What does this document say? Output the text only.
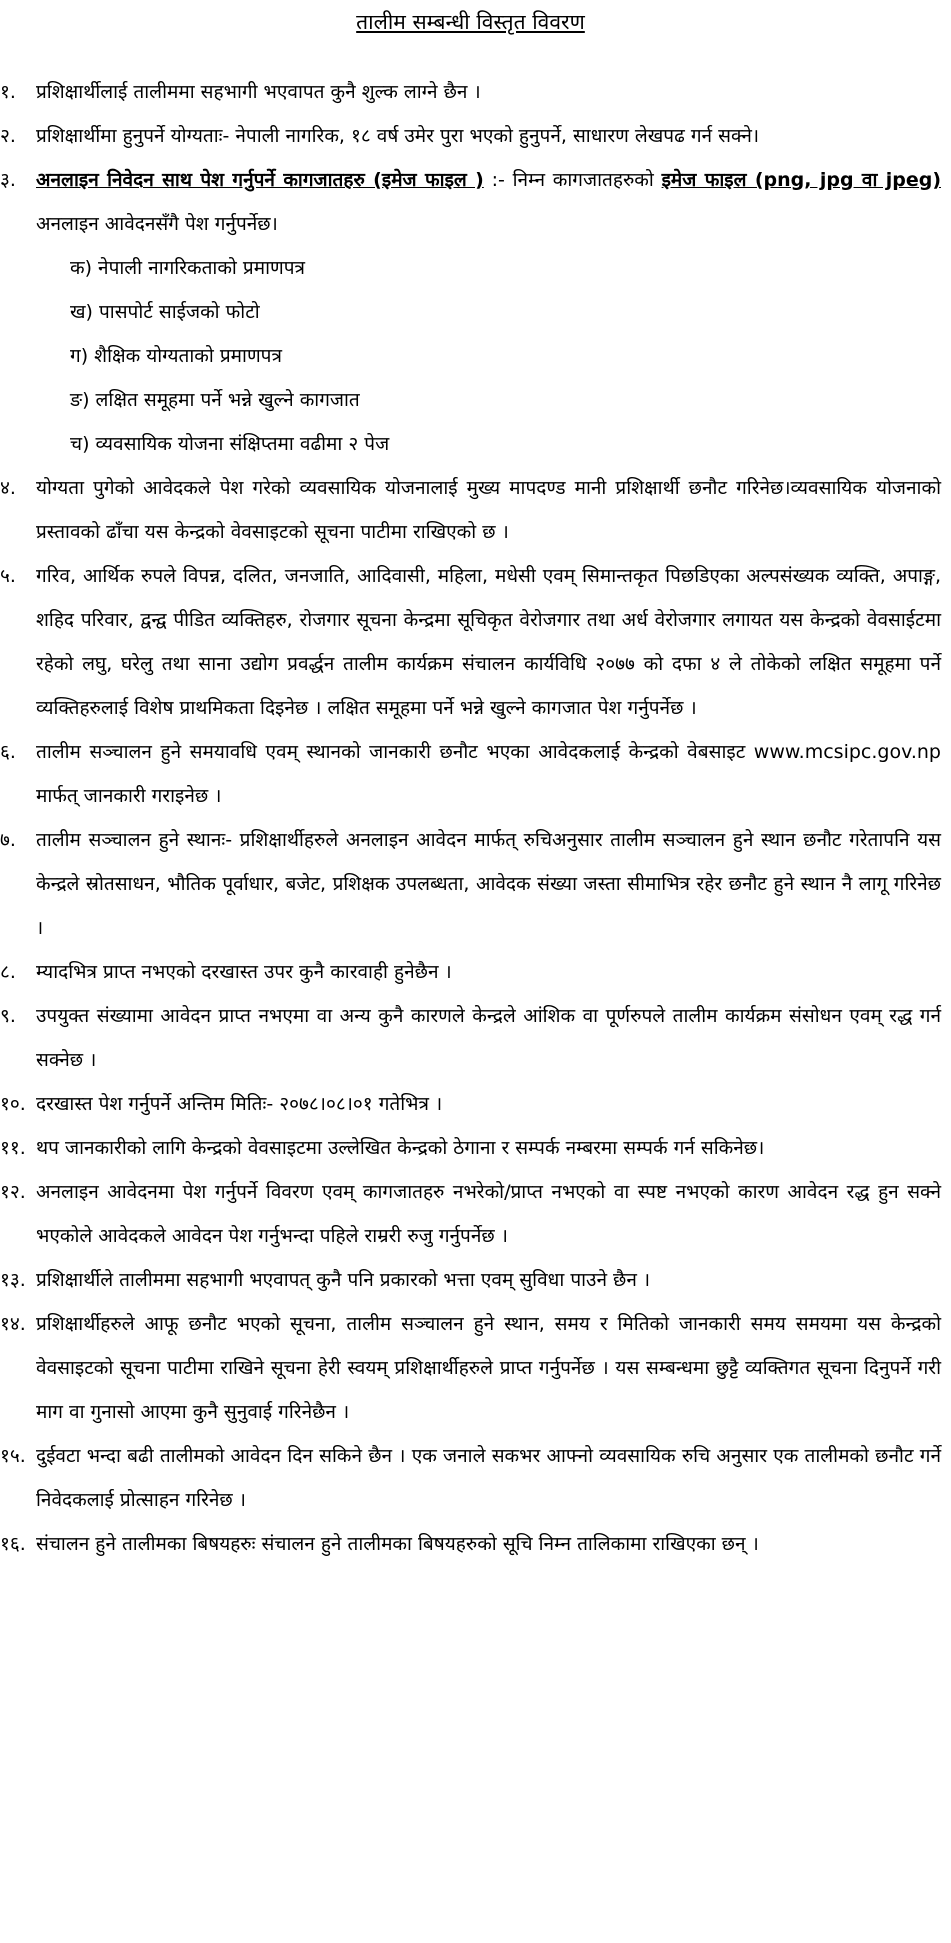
तालीम सम्बन्धी विस्तृत विवरण

१. प्रशिक्षार्थीलाई तालीममा सहभागी भएवापत कुनै शुल्क लाग्ने छैन ।

२. प्रशिक्षार्थीमा हुनुपर्ने योग्यताः- नेपाली नागरिक, १८ वर्ष उमेर पुरा भएको हुनुपर्ने, साधारण लेखपढ गर्न सक्ने।

३. अनलाइन निवेदन साथ पेश गर्नुपर्ने कागजातहरु (इमेज फाइल ) :- निम्न कागजातहरुको इमेज फाइल (png, jpg वा jpeg) अनलाइन आवेदनसँगै पेश गर्नुपर्नेछ।

क) नेपाली नागरिकताको प्रमाणपत्र

ख) पासपोर्ट साईजको फोटो

ग) शैक्षिक योग्यताको प्रमाणपत्र

ङ) लक्षित समूहमा पर्ने भन्ने खुल्ने कागजात

च) व्यवसायिक योजना संक्षिप्तमा वढीमा २ पेज

४. योग्यता पुगेको आवेदकले पेश गरेको व्यवसायिक योजनालाई मुख्य मापदण्ड मानी प्रशिक्षार्थी छनौट गरिनेछ।व्यवसायिक योजनाको प्रस्तावको ढाँचा यस केन्द्रको वेवसाइटको सूचना पाटीमा राखिएको छ ।

५. गरिव, आर्थिक रुपले विपन्न, दलित, जनजाति, आदिवासी, महिला, मधेसी एवम् सिमान्तकृत पिछडिएका अल्पसंख्यक व्यक्ति, अपाङ्ग, शहिद परिवार, द्वन्द्व पीडित व्यक्तिहरु, रोजगार सूचना केन्द्रमा सूचिकृत वेरोजगार तथा अर्ध वेरोजगार लगायत यस केन्द्रको वेवसाईटमा रहेको लघु, घरेलु तथा साना उद्योग प्रवर्द्धन तालीम कार्यक्रम संचालन कार्यविधि २०७७ को दफा ४ ले तोकेको लक्षित समूहमा पर्ने व्यक्तिहरुलाई विशेष प्राथमिकता दिइनेछ । लक्षित समूहमा पर्ने भन्ने खुल्ने कागजात पेश गर्नुपर्नेछ ।

६. तालीम सञ्चालन हुने समयावधि एवम् स्थानको जानकारी छनौट भएका आवेदकलाई केन्द्रको वेबसाइट www.mcsipc.gov.np मार्फत् जानकारी गराइनेछ ।

७. तालीम सञ्चालन हुने स्थानः- प्रशिक्षार्थीहरुले अनलाइन आवेदन मार्फत् रुचिअनुसार तालीम सञ्चालन हुने स्थान छनौट गरेतापनि यस केन्द्रले स्रोतसाधन, भौतिक पूर्वाधार, बजेट, प्रशिक्षक उपलब्धता, आवेदक संख्या जस्ता सीमाभित्र रहेर छनौट हुने स्थान नै लागू गरिनेछ ।

८. म्यादभित्र प्राप्त नभएको दरखास्त उपर कुनै कारवाही हुनेछैन ।

९. उपयुक्त संख्यामा आवेदन प्राप्त नभएमा वा अन्य कुनै कारणले केन्द्रले आंशिक वा पूर्णरुपले तालीम कार्यक्रम संसोधन एवम् रद्ध गर्न सक्नेछ ।

१०. दरखास्त पेश गर्नुपर्ने अन्तिम मितिः- २०७८।०८।०१ गतेभित्र ।

११. थप जानकारीको लागि केन्द्रको वेवसाइटमा उल्लेखित केन्द्रको ठेगाना र सम्पर्क नम्बरमा सम्पर्क गर्न सकिनेछ।

१२. अनलाइन आवेदनमा पेश गर्नुपर्ने विवरण एवम् कागजातहरु नभरेको/प्राप्त नभएको वा स्पष्ट नभएको कारण आवेदन रद्ध हुन सक्ने भएकोले आवेदकले आवेदन पेश गर्नुभन्दा पहिले राम्ररी रुजु गर्नुपर्नेछ ।

१३. प्रशिक्षार्थीले तालीममा सहभागी भएवापत् कुनै पनि प्रकारको भत्ता एवम् सुविधा पाउने छैन ।

१४. प्रशिक्षार्थीहरुले आफू छनौट भएको सूचना, तालीम सञ्चालन हुने स्थान, समय र मितिको जानकारी समय समयमा यस केन्द्रको वेवसाइटको सूचना पाटीमा राखिने सूचना हेरी स्वयम् प्रशिक्षार्थीहरुले प्राप्त गर्नुपर्नेछ । यस सम्बन्धमा छुट्टै व्यक्तिगत सूचना दिनुपर्ने गरी माग वा गुनासो आएमा कुनै सुनुवाई गरिनेछैन ।

१५. दुईवटा भन्दा बढी तालीमको आवेदन दिन सकिने छैन । एक जनाले सकभर आफ्नो व्यवसायिक रुचि अनुसार एक तालीमको छनौट गर्ने निवेदकलाई प्रोत्साहन गरिनेछ ।

१६. संचालन हुने तालीमका बिषयहरुः संचालन हुने तालीमका बिषयहरुको सूचि निम्न तालिकामा राखिएका छन् ।
